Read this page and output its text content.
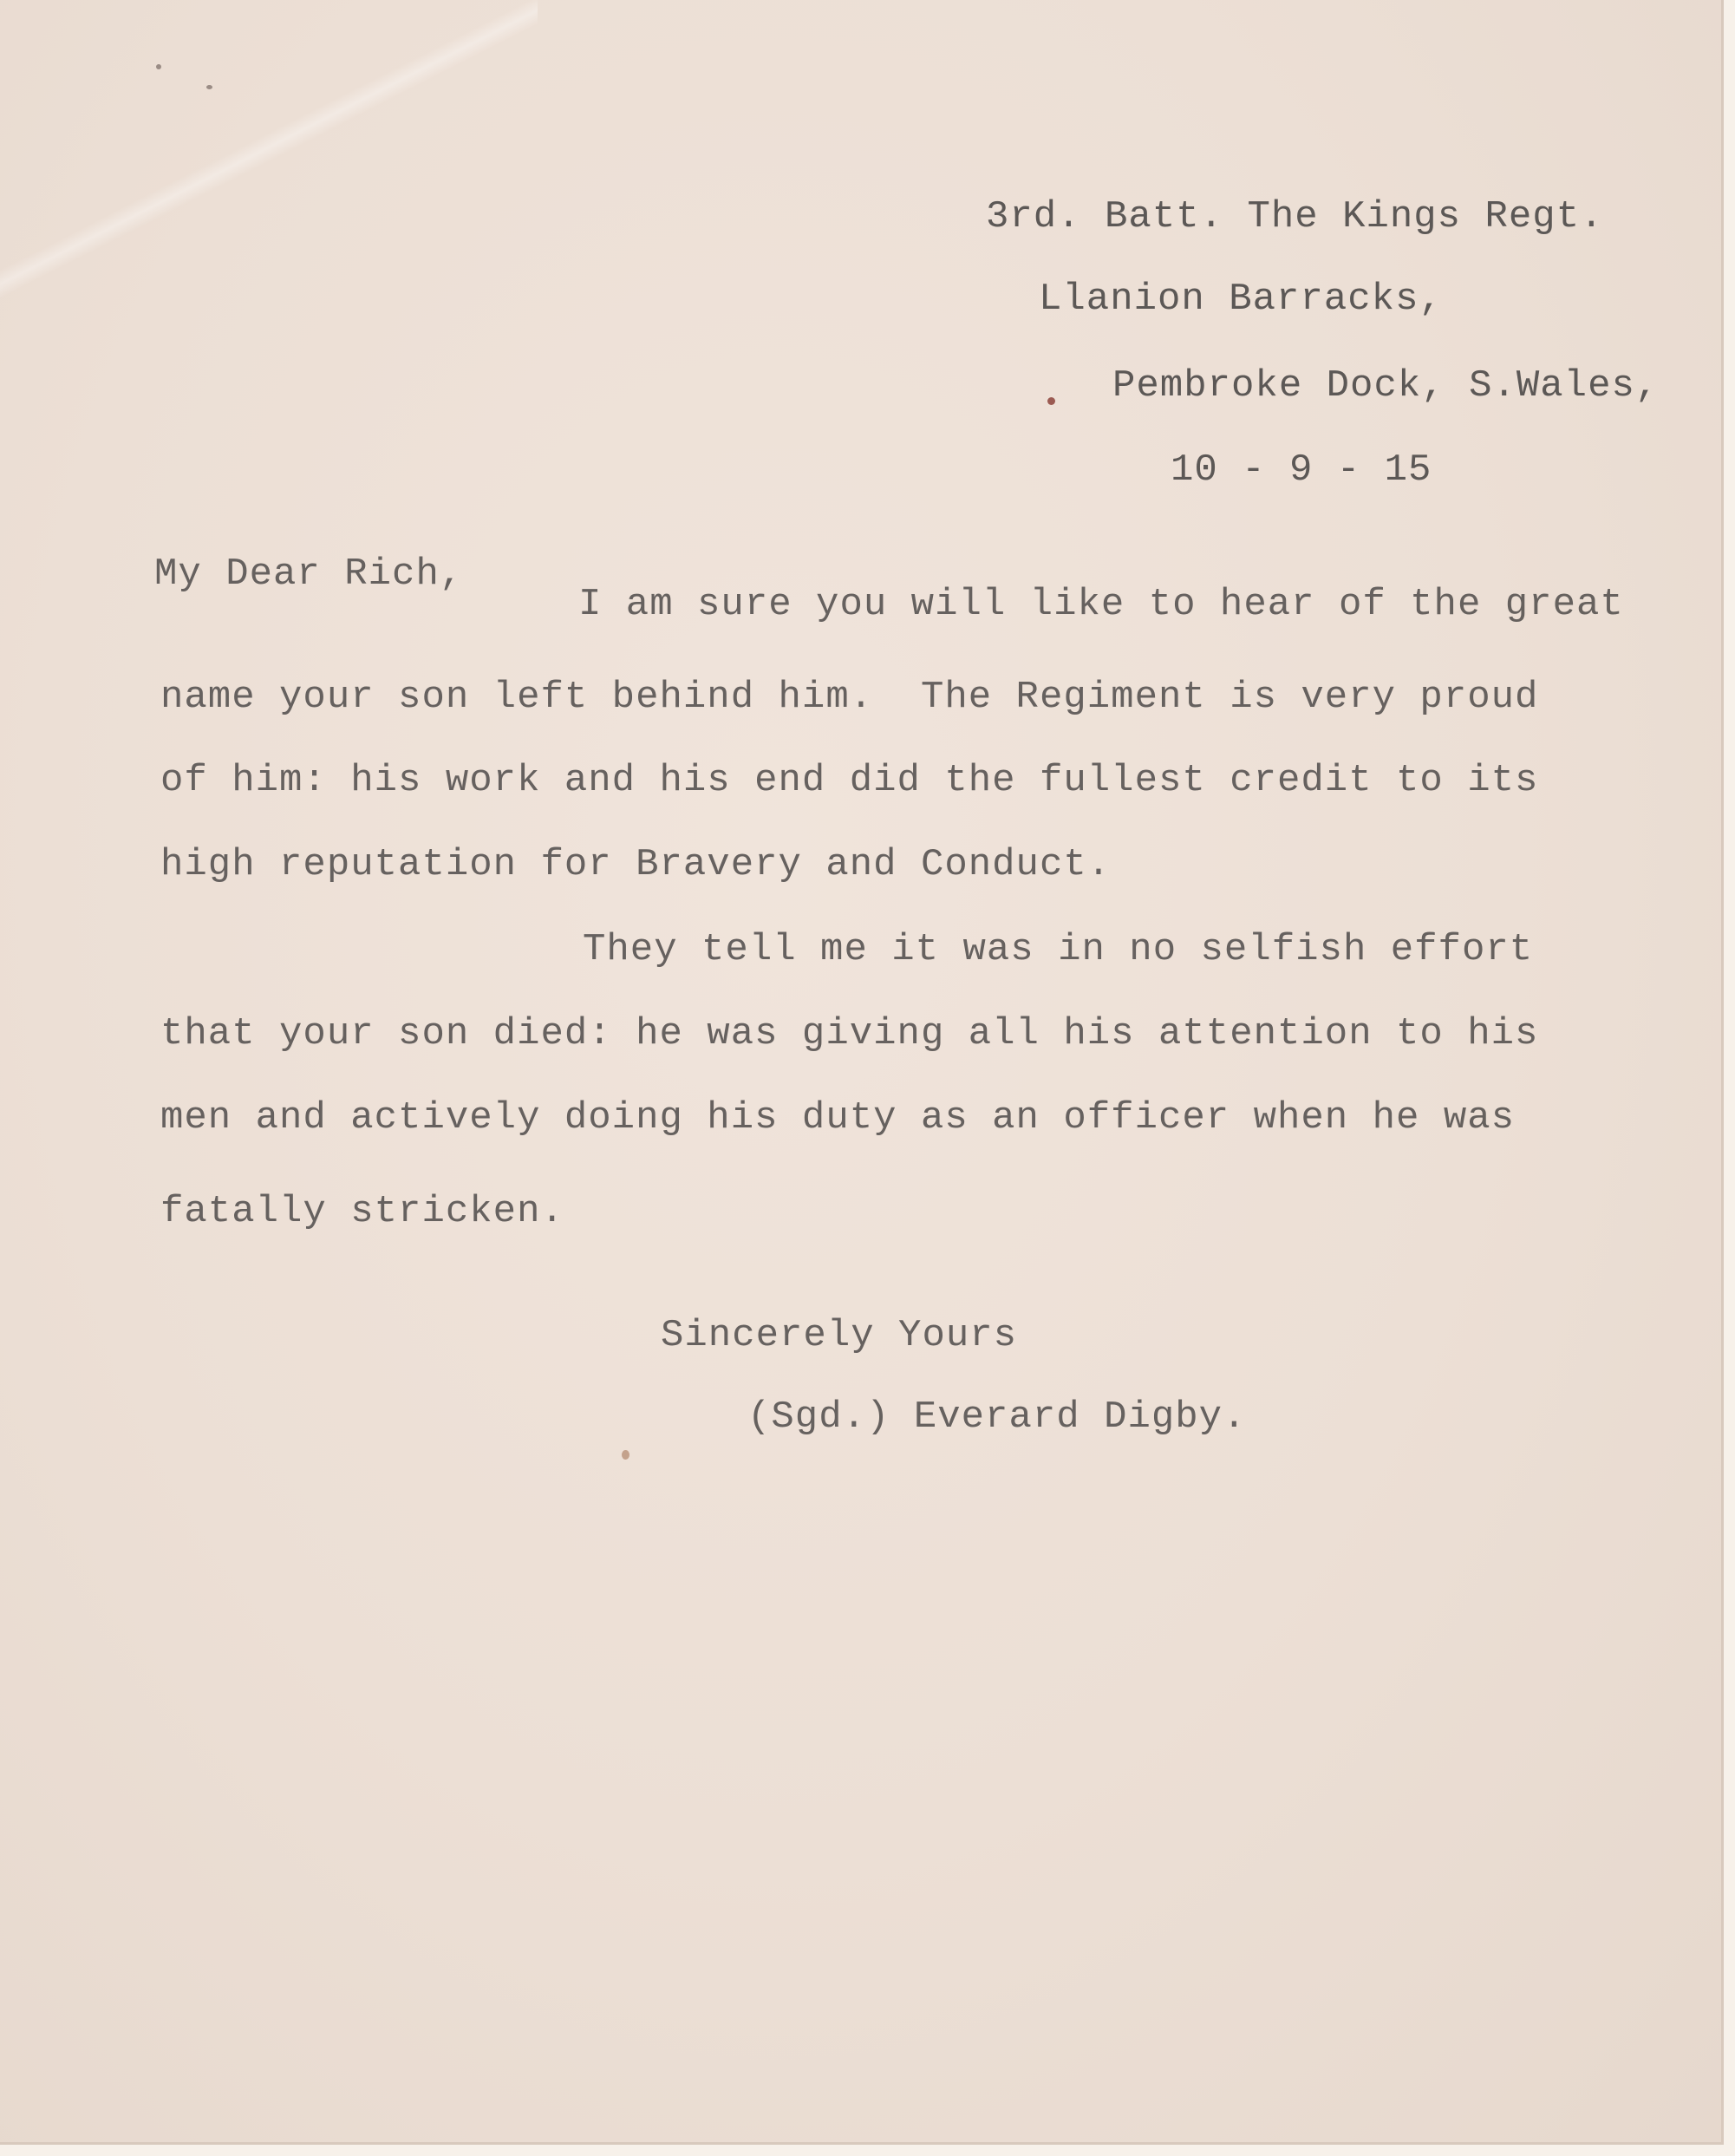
3rd. Batt. The Kings Regt.

Llanion Barracks,

Pembroke Dock, S.Wales,

10 - 9 - 15

My Dear Rich,

I am sure you will like to hear of the great

name your son left behind him.  The Regiment is very proud

of him: his work and his end did the fullest credit to its

high reputation for Bravery and Conduct.

They tell me it was in no selfish effort

that your son died: he was giving all his attention to his

men and actively doing his duty as an officer when he was

fatally stricken.

Sincerely Yours

(Sgd.) Everard Digby.
